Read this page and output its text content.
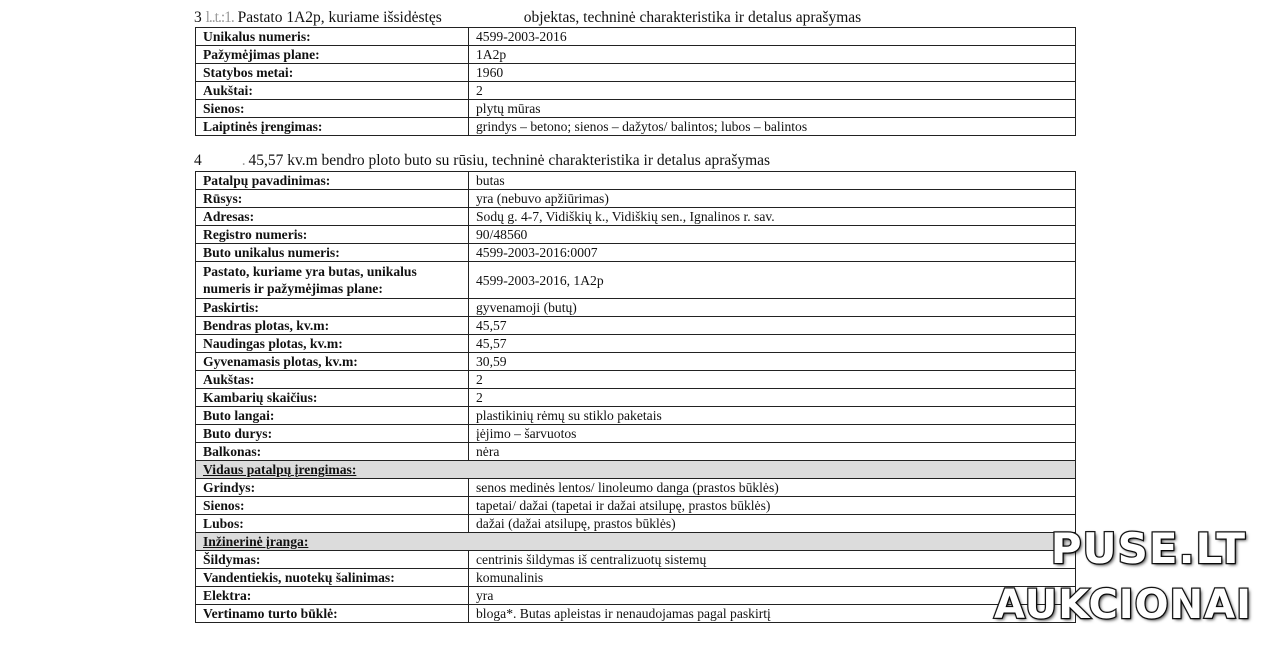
3 l..t.:1. Pastato 1A2p, kuriame išsidėstęs	objektas, techninė charakteristika ir detalus aprašymas
Unikalus numeris:	4599-2003-2016
Pažymėjimas plane:	1A2p
Statybos metai:	1960
Aukštai:	2
Sienos:	plytų mūras
Laiptinės įrengimas:	grindys – betono; sienos – dažytos/ balintos; lubos – balintos
4	. 45,57 kv.m bendro ploto buto su rūsiu, techninė charakteristika ir detalus aprašymas
Patalpų pavadinimas:	butas
Rūsys:	yra (nebuvo apžiūrimas)
Adresas:	Sodų g. 4-7, Vidiškių k., Vidiškių sen., Ignalinos r. sav.
Registro numeris:	90/48560
Buto unikalus numeris:	4599-2003-2016:0007
Pastato, kuriame yra butas, unikalus numeris ir pažymėjimas plane:	4599-2003-2016, 1A2p
Paskirtis:	gyvenamoji (butų)
Bendras plotas, kv.m:	45,57
Naudingas plotas, kv.m:	45,57
Gyvenamasis plotas, kv.m:	30,59
Aukštas:	2
Kambarių skaičius:	2
Buto langai:	plastikinių rėmų su stiklo paketais
Buto durys:	įėjimo – šarvuotos
Balkonas:	nėra
Vidaus patalpų įrengimas:	
Grindys:	senos medinės lentos/ linoleumo danga (prastos būklės)
Sienos:	tapetai/ dažai (tapetai ir dažai atsilupę, prastos būklės)
Lubos:	dažai (dažai atsilupę, prastos būklės)
Inžinerinė įranga:	
Šildymas:	centrinis šildymas iš centralizuotų sistemų
Vandentiekis, nuotekų šalinimas:	komunalinis
Elektra:	yra
Vertinamo turto būklė:	bloga*. Butas apleistas ir nenaudojamas pagal paskirtį
PUSE.LT
AUKCIONAI
